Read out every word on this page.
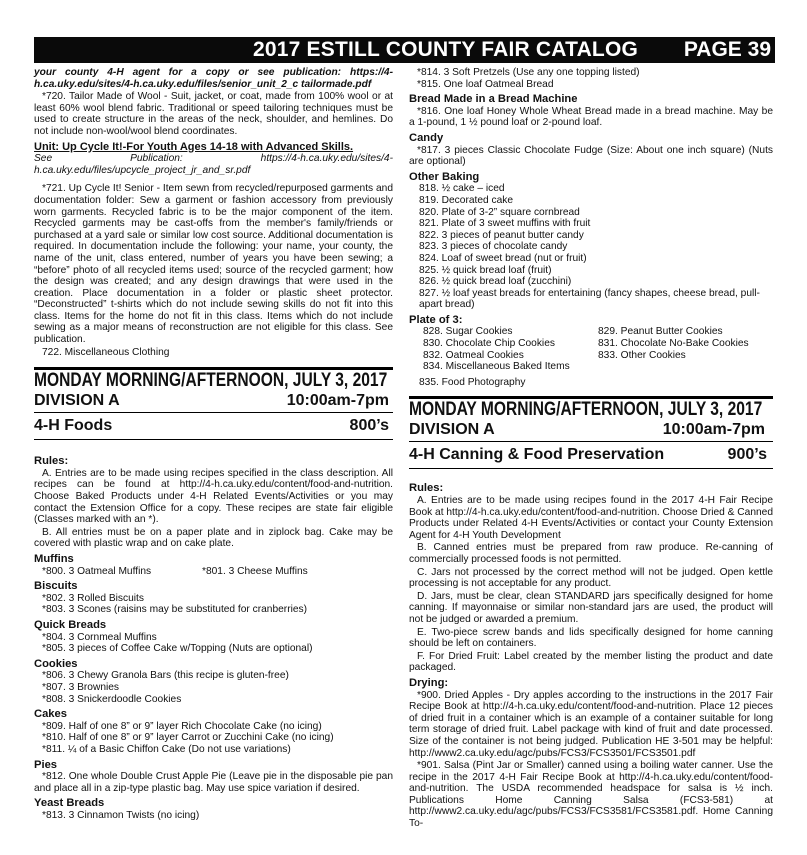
2017 ESTILL COUNTY FAIR CATALOG PAGE 39

your county 4-H agent for a copy or see publication: https://4-h.ca.uky.edu/sites/4-h.ca.uky.edu/files/senior_unit_2_c tailormade.pdf

*720. Tailor Made of Wool - Suit, jacket, or coat, made from 100% wool or at least 60% wool blend fabric. Traditional or speed tailoring techniques must be used to create structure in the areas of the neck, shoulder, and hemlines. Do not include non-wool/wool blend coordinates.

Unit: Up Cycle It!-For Youth Ages 14-18 with Advanced Skills.

See Publication: https://4-h.ca.uky.edu/sites/4-h.ca.uky.edu/files/upcycle_project_jr_and_sr.pdf

*721. Up Cycle It! Senior - Item sewn from recycled/repurposed garments and documentation folder: Sew a garment or fashion accessory from previously worn garments. Recycled fabric is to be the major component of the item. Recycled garments may be cast-offs from the member's family/friends or purchased at a yard sale or similar low cost source. Additional documentation is required. In documentation include the following: your name, your county, the name of the unit, class entered, number of years you have been sewing; a “before” photo of all recycled items used; source of the recycled garment; how the design was created; and any design drawings that were used in the creation. Place documentation in a folder or plastic sheet protector. “Deconstructed” t-shirts which do not include sewing skills do not fit into this class. Items for the home do not fit in this class. Items which do not include sewing as a major means of reconstruction are not eligible for this class. See publication.

722. Miscellaneous Clothing

MONDAY MORNING/AFTERNOON, JULY 3, 2017
DIVISION A	10:00am-7pm
4-H Foods	800’s
Rules:

A. Entries are to be made using recipes specified in the class description. All recipes can be found at http://4-h.ca.uky.edu/content/food-and-nutrition. Choose Baked Products under 4-H Related Events/Activities or you may contact the Extension Office for a copy. These recipes are state fair eligible (Classes marked with an *).

B. All entries must be on a paper plate and in ziplock bag. Cake may be covered with plastic wrap and on cake plate.

Muffins
*800. 3 Oatmeal Muffins	*801. 3 Cheese Muffins
Biscuits
*802. 3 Rolled Biscuits
*803. 3 Scones (raisins may be substituted for cranberries)
Quick Breads
*804. 3 Cornmeal Muffins
*805. 3 pieces of Coffee Cake w/Topping (Nuts are optional)
Cookies
*806. 3 Chewy Granola Bars (this recipe is gluten-free)
*807. 3 Brownies
*808. 3 Snickerdoodle Cookies
Cakes
*809. Half of one 8” or 9” layer Rich Chocolate Cake (no icing)
*810. Half of one 8” or 9” layer Carrot or Zucchini Cake (no icing)
*811. ¼ of a Basic Chiffon Cake (Do not use variations)
Pies

*812. One whole Double Crust Apple Pie (Leave pie in the disposable pie pan and place all in a zip-type plastic bag. May use spice variation if desired.

Yeast Breads
*813. 3 Cinnamon Twists (no icing)
*814. 3 Soft Pretzels (Use any one topping listed)
*815. One loaf Oatmeal Bread
Bread Made in a Bread Machine

*816. One loaf Honey Whole Wheat Bread made in a bread machine. May be a 1-pound, 1 ½ pound loaf or 2-pound loaf.

Candy

*817. 3 pieces Classic Chocolate Fudge (Size: About one inch square) (Nuts are optional)

Other Baking
818. ½ cake – iced
819. Decorated cake
820. Plate of 3-2” square cornbread
821. Plate of 3 sweet muffins with fruit
822. 3 pieces of peanut butter candy
823. 3 pieces of chocolate candy
824. Loaf of sweet bread (nut or fruit)
825. ½ quick bread loaf (fruit)
826. ½ quick bread loaf (zucchini)
827. ½ loaf yeast breads for entertaining (fancy shapes, cheese bread, pull-apart bread)
Plate of 3:
828. Sugar Cookies	829. Peanut Butter Cookies
830. Chocolate Chip Cookies	831. Chocolate No-Bake Cookies
832. Oatmeal Cookies	833. Other Cookies
834. Miscellaneous Baked Items
835. Food Photography
MONDAY MORNING/AFTERNOON, JULY 3, 2017
DIVISION A	10:00am-7pm
4-H Canning & Food Preservation	900’s
Rules:

A. Entries are to be made using recipes found in the 2017 4-H Fair Recipe Book at http://4-h.ca.uky.edu/content/food-and-nutrition. Choose Dried & Canned Products under Related 4-H Events/Activities or contact your County Extension Agent for 4-H Youth Development

B. Canned entries must be prepared from raw produce. Re-canning of commercially processed foods is not permitted.

C. Jars not processed by the correct method will not be judged. Open kettle processing is not acceptable for any product.

D. Jars, must be clear, clean STANDARD jars specifically designed for home canning. If mayonnaise or similar non-standard jars are used, the product will not be judged or awarded a premium.

E. Two-piece screw bands and lids specifically designed for home canning should be left on containers.

F. For Dried Fruit: Label created by the member listing the product and date packaged.

Drying:

*900. Dried Apples - Dry apples according to the instructions in the 2017 Fair Recipe Book at http://4-h.ca.uky.edu/content/food-and-nutrition. Place 12 pieces of dried fruit in a container which is an example of a container suitable for long term storage of dried fruit. Label package with kind of fruit and date processed. Size of the container is not being judged. Publication HE 3-501 may be helpful: http://www2.ca.uky.edu/agc/pubs/FCS3/FCS3501/FCS3501.pdf

*901. Salsa (Pint Jar or Smaller) canned using a boiling water canner. Use the recipe in the 2017 4-H Fair Recipe Book at http://4-h.ca.uky.edu/content/food-and-nutrition. The USDA recommended headspace for salsa is ½ inch. Publications Home Canning Salsa (FCS3-581) at http://www2.ca.uky.edu/agc/pubs/FCS3/FCS3581/FCS3581.pdf. Home Canning To-
